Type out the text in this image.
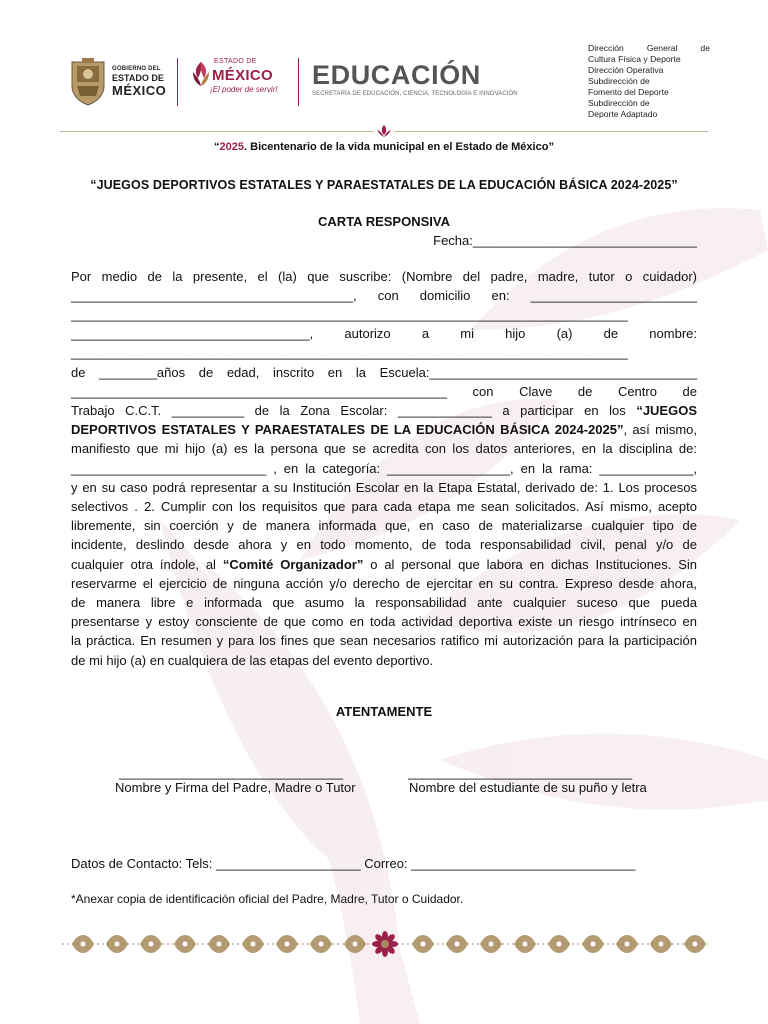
GOBIERNO DEL
ESTADO DE
MÉXICO
ESTADO DE
MÉXICO
¡El poder de servir! EDUCACIÓN
SECRETARÍA DE EDUCACIÓN, CIENCIA, TECNOLOGÍA E INNOVACIÓN
Dirección General de
Cultura Física y Deporte
Dirección Operativa
Subdirección de
Fomento del Deporte
Subdirección de
Deporte Adaptado
“2025. Bicentenario de la vida municipal en el Estado de México”
“JUEGOS DEPORTIVOS ESTATALES Y PARAESTATALES DE LA EDUCACIÓN BÁSICA 2024-2025”
CARTA RESPONSIVA
Fecha:_______________________________
Por medio de la presente, el (la) que suscribe: (Nombre del padre, madre, tutor o cuidador)
_______________________________________, con domicilio en: _______________________
_____________________________________________________________________________
_________________________________, autorizo a mi hijo (a) de nombre:
_____________________________________________________________________________
de ________años de edad, inscrito en la Escuela:_____________________________________
____________________________________________________ con Clave de Centro de
Trabajo C.C.T. __________ de la Zona Escolar: _____________ a participar en los “JUEGOS
DEPORTIVOS ESTATALES Y PARAESTATALES DE LA EDUCACIÓN BÁSICA 2024-2025”, así mismo,
manifiesto que mi hijo (a) es la persona que se acredita con los datos anteriores, en la disciplina de:
___________________________ , en la categoría: _________________, en la rama: _____________,
y en su caso podrá representar a su Institución Escolar en la Etapa Estatal, derivado de: 1. Los procesos
selectivos . 2. Cumplir con los requisitos que para cada etapa me sean solicitados. Así mismo, acepto
libremente, sin coerción y de manera informada que, en caso de materializarse cualquier tipo de
incidente, deslindo desde ahora y en todo momento, de toda responsabilidad civil, penal y/o de
cualquier otra índole, al “Comité Organizador” o al personal que labora en dichas Instituciones. Sin
reservarme el ejercicio de ninguna acción y/o derecho de ejercitar en su contra. Expreso desde ahora,
de manera libre e informada que asumo la responsabilidad ante cualquier suceso que pueda
presentarse y estoy consciente de que como en toda actividad deportiva existe un riesgo intrínseco en
la práctica. En resumen y para los fines que sean necesarios ratifico mi autorización para la participación
de mi hijo (a) en cualquiera de las etapas del evento deportivo.
ATENTAMENTE
_______________________________	_______________________________
Nombre y Firma del Padre, Madre o Tutor	Nombre del estudiante de su puño y letra
Datos de Contacto: Tels: ____________________ Correo: _______________________________
*Anexar copia de identificación oficial del Padre, Madre, Tutor o Cuidador.
